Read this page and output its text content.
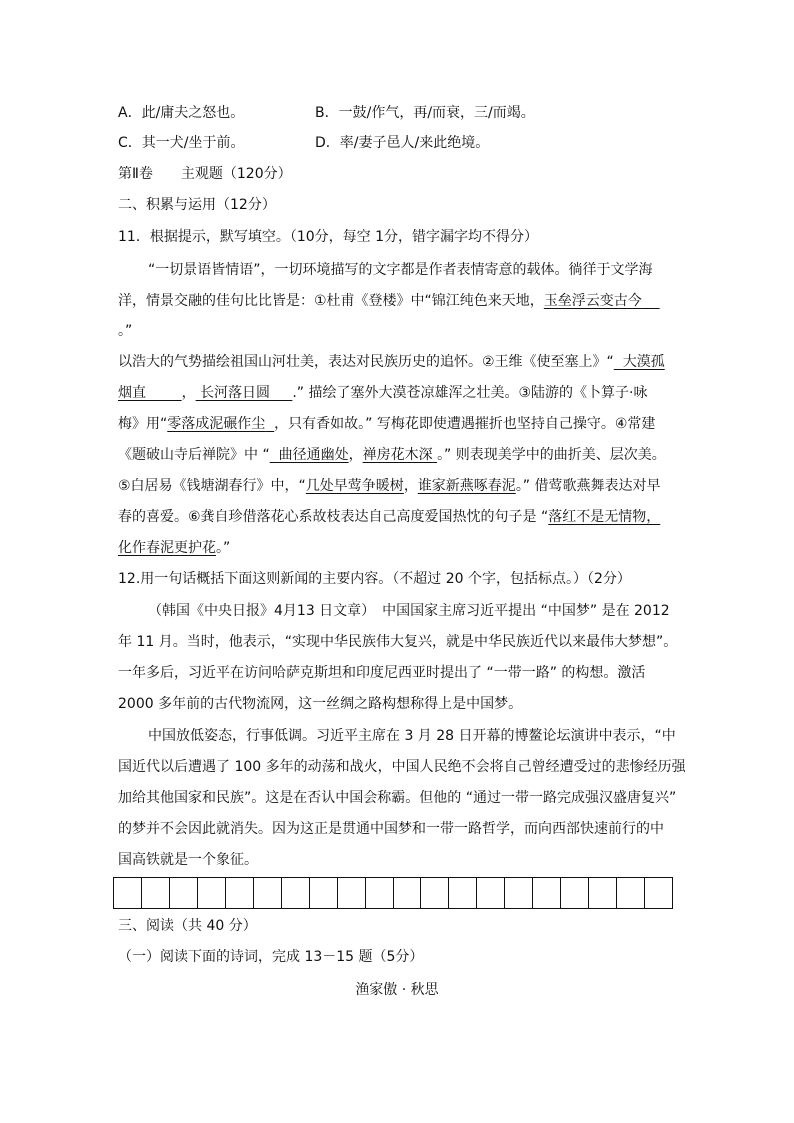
A．此/庸夫之怒也。	B．一鼓/作气，再/而衰，三/而竭。
C．其一犬/坐于前。	D．率/妻子邑人/来此绝境。
第Ⅱ卷　　主观题（120分）
二、积累与运用（12分）
11．根据提示，默写填空。（10分，每空 1分，错字漏字均不得分）
“一切景语皆情语”，一切环境描写的文字都是作者表情寄意的载体。徜徉于文学海
洋，情景交融的佳句比比皆是：①杜甫《登楼》中“锦江纯色来天地，玉垒浮云变古今
。”
以浩大的气势描绘祖国山河壮美，表达对民族历史的追怀。②王维《使至塞上》“ 大漠孤
烟直	， 长河落日圆 .” 描绘了塞外大漠苍凉雄浑之壮美。③陆游的《卜算子·咏
梅》用“零落成泥碾作尘 ，只有香如故。” 写梅花即使遭遇摧折也坚持自己操守。④常建
《题破山寺后禅院》中 “ 曲径通幽处，禅房花木深 。” 则表现美学中的曲折美、层次美。
⑤白居易《钱塘湖春行》中，“几处早莺争暖树，谁家新燕啄春泥。” 借莺歌燕舞表达对早
春的喜爱。⑥龚自珍借落花心系故枝表达自己高度爱国热忱的句子是 “落红不是无情物，
化作春泥更护花。”
12.用一句话概括下面这则新闻的主要内容。（不超过 20 个字，包括标点。）（2分）
（韩国《中央日报》4月13 日文章）　中国国家主席习近平提出 “中国梦” 是在 2012
年 11 月。当时，他表示，“实现中华民族伟大复兴，就是中华民族近代以来最伟大梦想”。
一年多后，习近平在访问哈萨克斯坦和印度尼西亚时提出了 “一带一路” 的构想。激活
2000 多年前的古代物流网，这一丝绸之路构想称得上是中国梦。
中国放低姿态，行事低调。习近平主席在 3 月 28 日开幕的博鳌论坛演讲中表示，“中
国近代以后遭遇了 100 多年的动荡和战火，中国人民绝不会将自己曾经遭受过的悲惨经历强
加给其他国家和民族”。这是在否认中国会称霸。但他的 “通过一带一路完成强汉盛唐复兴”
的梦并不会因此就消失。因为这正是贯通中国梦和一带一路哲学，而向西部快速前行的中
国高铁就是一个象征。
三、阅读（共 40 分）
（一）阅读下面的诗词，完成 13－15 题（5分）
渔家傲 · 秋思
